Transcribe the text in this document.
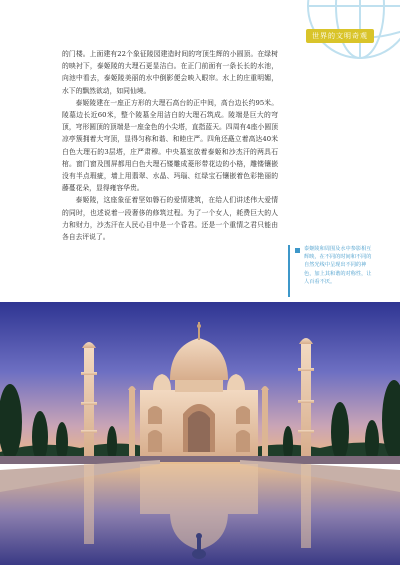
世界的文明奇观

的门楼。上面建有22个象征陵园建造时间的穹顶生辉的小圆顶。在绿树的映衬下，泰姬陵的大理石更显洁白。在正门前面有一条长长的水池，向池中看去，泰姬陵美丽的水中倒影便会映入眼帘。水上的庄重明媚，水下的飘然欲动，如同仙境。

泰姬陵建在一座正方形的大理石高台的正中间，高台边长约95米。陵墓边长近60米，整个陵墓全用洁白的大理石筑成。陵端是巨大的穹顶，穹形圆顶的顶端是一座金色的小尖塔，直指蓝天。四周有4座小圆顶凉亭簇拥着大穹顶，显得匀称和谐、和睦庄严。四角还矗立着高达40米白色大理石的3层塔，庄严肃穆。中央墓室放着泰姬和沙杰汗的两具石棺。窗门窗及围屏都用白色大理石镂雕成菱形带花边的小格，雕镂镶嵌没有半点瑕疵，墙上用翡翠、水晶、玛瑙、红绿宝石镶嵌着色彩艳丽的藤蔓花朵，显得雍容华贵。

泰姬陵，这座象征着坚如磐石的爱情建筑，在给人们讲述伟大爱情的同时，也述说着一段奢侈的修筑过程。为了一个女人，耗费巨大的人力和财力，沙杰汗在人民心目中是一个昏君。还是一个重情之君只能由各自去评说了。

泰姬陵和周围及水中参影相互辉映，在不同的时间和不同的自然光线中呈现出不同的神色，加上其和谐的对称性，让人百看不厌。
